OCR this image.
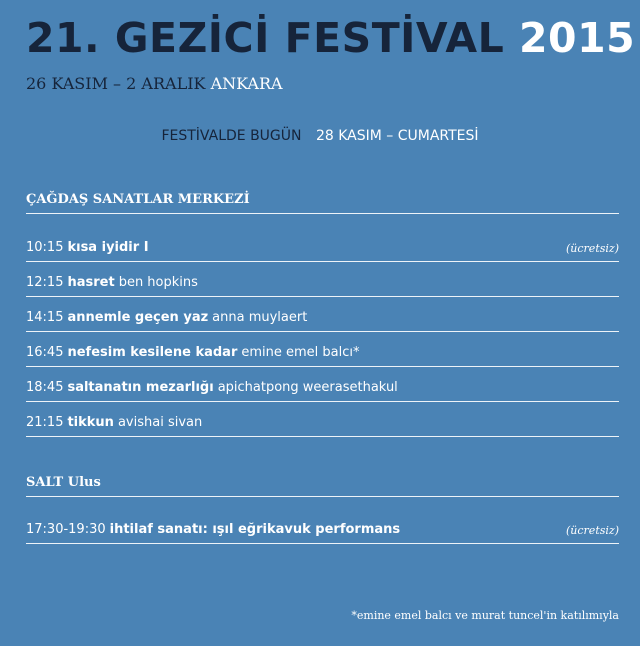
21. GEZİCİ FESTİVAL 2015
26 KASIM – 2 ARALIK ANKARA
FESTİVALDE BUGÜN 28 KASIM – CUMARTESİ
ÇAĞDAŞ SANATLAR MERKEZİ
10:15 kısa iyidir I	(ücretsiz)
12:15 hasret ben hopkins
14:15 annemle geçen yaz anna muylaert
16:45 nefesim kesilene kadar emine emel balcı*
18:45 saltanatın mezarlığı apichatpong weerasethakul
21:15 tikkun avishai sivan
SALT Ulus
17:30-19:30 ihtilaf sanatı: ışıl eğrikavuk performans	(ücretsiz)
*emine emel balcı ve murat tuncel'in katılımıyla
